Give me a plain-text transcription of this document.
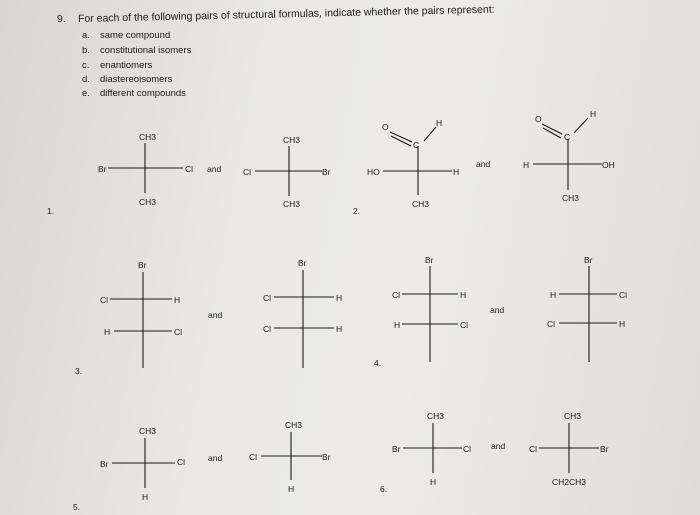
9. For each of the following pairs of structural formulas, indicate whether the pairs represent:
a. same compound
b. constitutional isomers
c. enantiomers
d. diastereoisomers
e. different compounds
1.
CH3
CH3
Br	Cl and
CH3
CH3
Cl	Br
2.
O
C
H
HO	H
CH3
and
O
C
H
H	OH
CH3
3.
Br
Cl	H
H	Cl
and
Br
Cl	H
Cl	H
4.
Br
Cl	H
H	Cl
and
Br
H	Cl
Cl	H
5.
CH3
Br	Cl
H
and
CH3
Cl	Br
H	6.
CH3
Br	Cl
H
and
CH3
Cl	Br
CH2CH3
